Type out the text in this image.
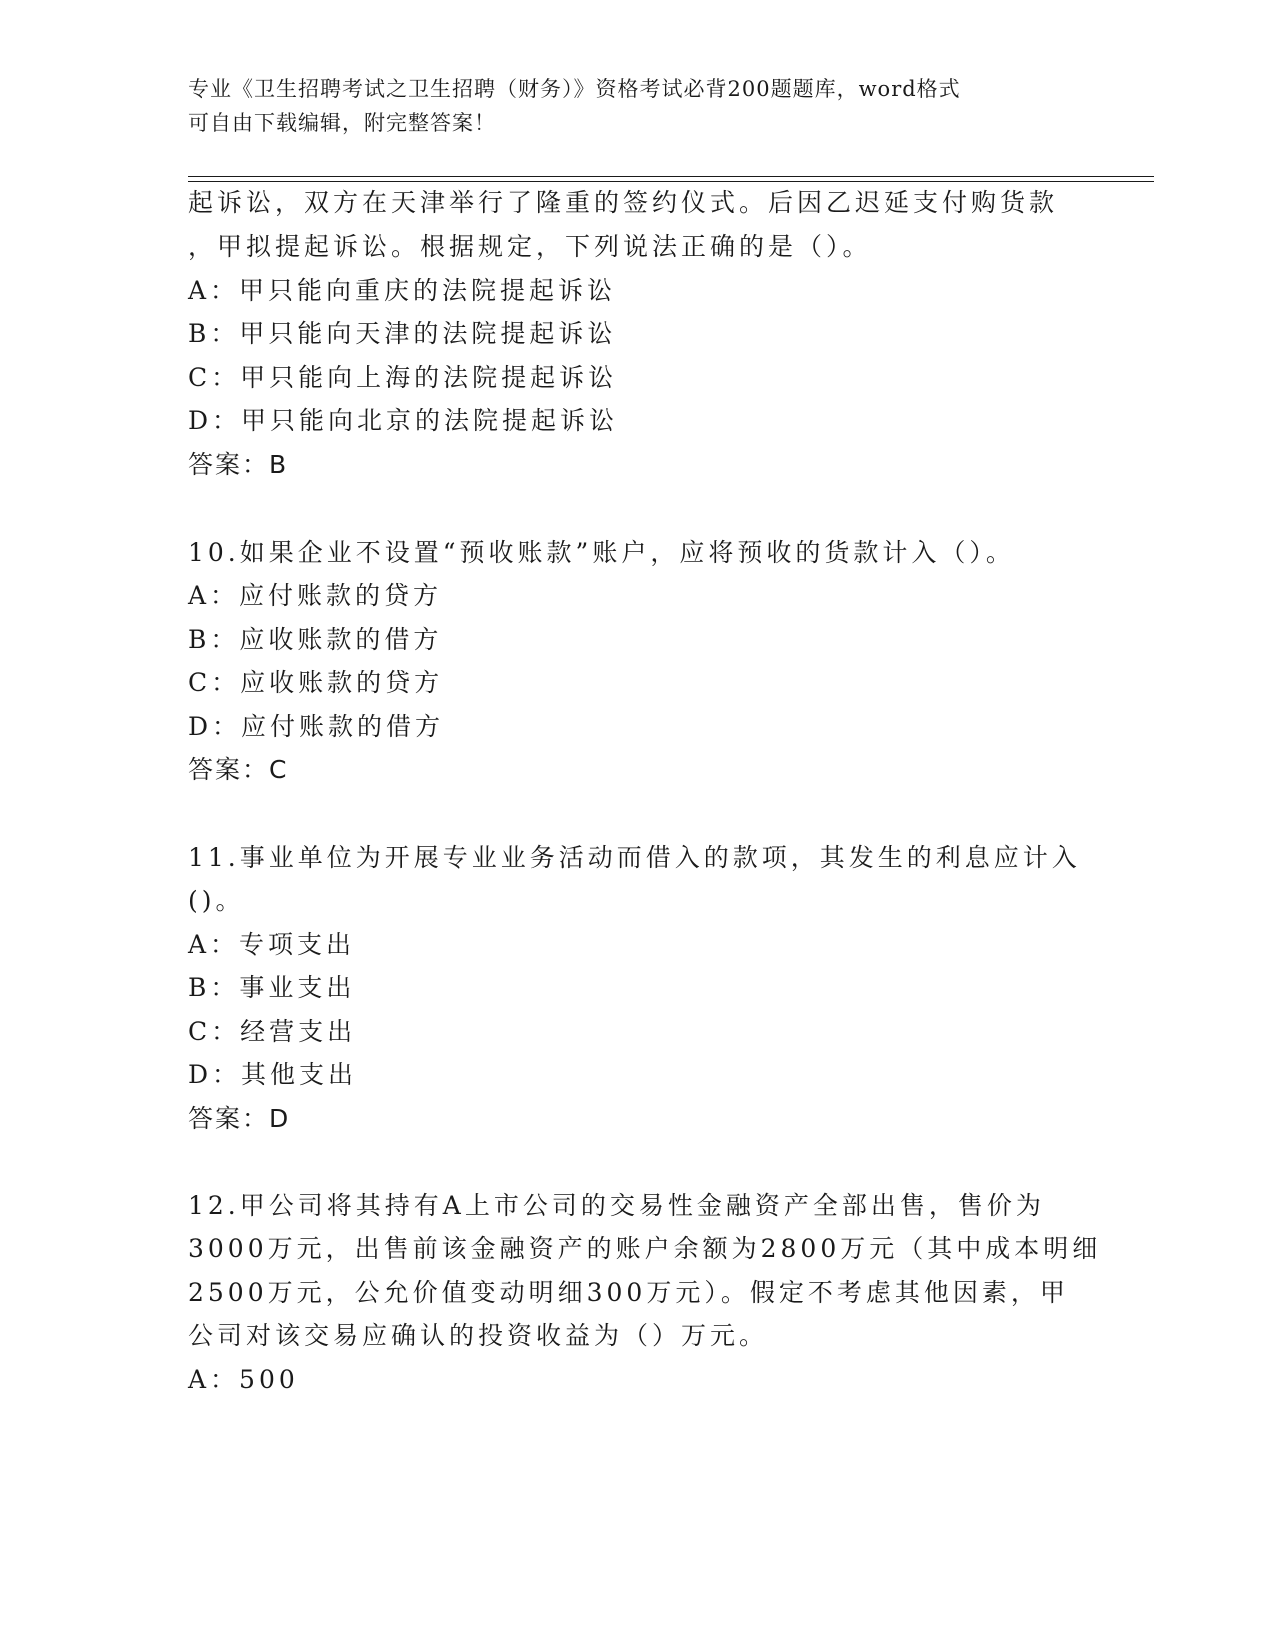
专业《卫生招聘考试之卫生招聘（财务）》资格考试必背200题题库，word格式
可自由下载编辑，附完整答案！
起诉讼，双方在天津举行了隆重的签约仪式。后因乙迟延支付购货款
，甲拟提起诉讼。根据规定，下列说法正确的是（）。
A：甲只能向重庆的法院提起诉讼
B：甲只能向天津的法院提起诉讼
C：甲只能向上海的法院提起诉讼
D：甲只能向北京的法院提起诉讼
答案：B
10.如果企业不设置“预收账款”账户，应将预收的货款计入（）。
A：应付账款的贷方
B：应收账款的借方
C：应收账款的贷方
D：应付账款的借方
答案：C
11.事业单位为开展专业业务活动而借入的款项，其发生的利息应计入
()。
A：专项支出
B：事业支出
C：经营支出
D：其他支出
答案：D
12.甲公司将其持有A上市公司的交易性金融资产全部出售，售价为
3000万元，出售前该金融资产的账户余额为2800万元（其中成本明细
2500万元，公允价值变动明细300万元）。假定不考虑其他因素，甲
公司对该交易应确认的投资收益为（）万元。
A：500
